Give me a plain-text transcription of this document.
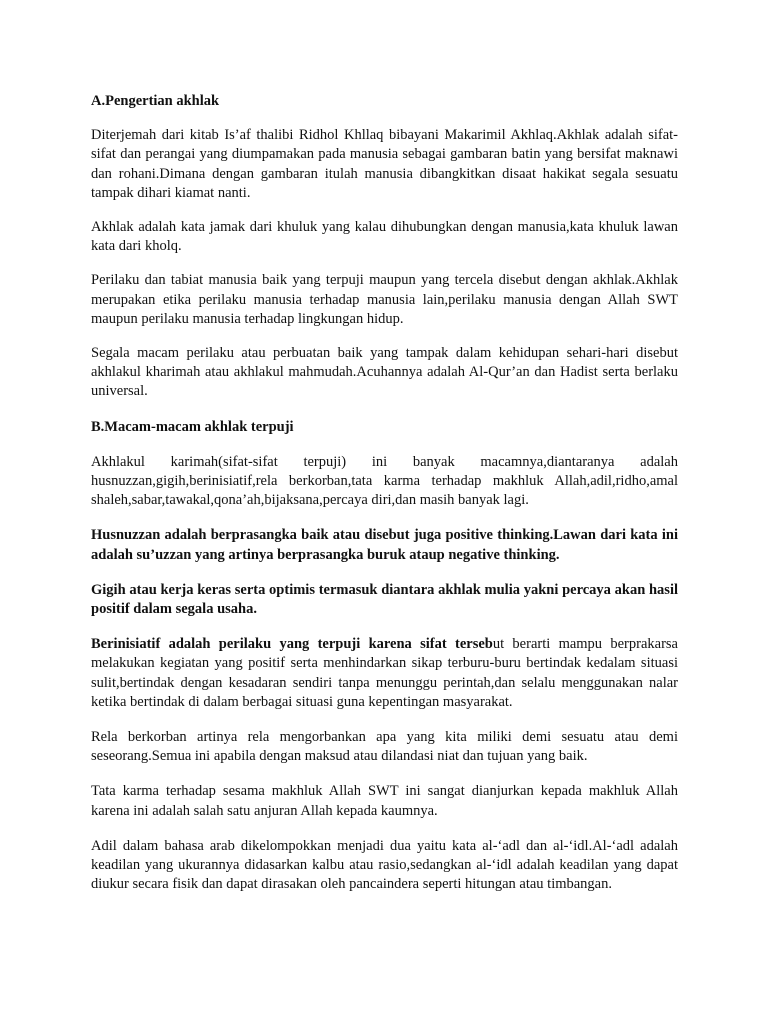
A.Pengertian akhlak

Diterjemah dari kitab Is’af thalibi Ridhol Khllaq bibayani Makarimil Akhlaq.Akhlak adalah sifat-sifat dan perangai yang diumpamakan pada manusia sebagai gambaran batin yang bersifat maknawi dan rohani.Dimana dengan gambaran itulah manusia dibangkitkan disaat hakikat segala sesuatu tampak dihari kiamat nanti.

Akhlak adalah kata jamak dari khuluk yang kalau dihubungkan dengan manusia,kata khuluk lawan kata dari kholq.

Perilaku dan tabiat manusia baik yang terpuji maupun yang tercela disebut dengan akhlak.Akhlak merupakan etika perilaku manusia terhadap manusia lain,perilaku manusia dengan Allah SWT maupun perilaku manusia terhadap lingkungan hidup.

Segala macam perilaku atau perbuatan baik yang tampak dalam kehidupan sehari-hari disebut akhlakul kharimah atau akhlakul mahmudah.Acuhannya adalah Al-Qur’an dan Hadist serta berlaku universal.

B.Macam-macam akhlak terpuji

Akhlakul karimah(sifat-sifat terpuji) ini banyak macamnya,diantaranya adalah husnuzzan,gigih,berinisiatif,rela berkorban,tata karma terhadap makhluk Allah,adil,ridho,amal shaleh,sabar,tawakal,qona’ah,bijaksana,percaya diri,dan masih banyak lagi.

Husnuzzan adalah berprasangka baik atau disebut juga positive thinking.Lawan dari kata ini adalah su’uzzan yang artinya berprasangka buruk ataup negative thinking.

Gigih atau kerja keras serta optimis termasuk diantara akhlak mulia yakni percaya akan hasil positif dalam segala usaha.

Berinisiatif adalah perilaku yang terpuji karena sifat tersebut berarti mampu berprakarsa melakukan kegiatan yang positif serta menhindarkan sikap terburu-buru bertindak kedalam situasi sulit,bertindak dengan kesadaran sendiri tanpa menunggu perintah,dan selalu menggunakan nalar ketika bertindak di dalam berbagai situasi guna kepentingan masyarakat.

Rela berkorban artinya rela mengorbankan apa yang kita miliki demi sesuatu atau demi seseorang.Semua ini apabila dengan maksud atau dilandasi niat dan tujuan yang baik.

Tata karma terhadap sesama makhluk Allah SWT ini sangat dianjurkan kepada makhluk Allah karena ini adalah salah satu anjuran Allah kepada kaumnya.

Adil dalam bahasa arab dikelompokkan menjadi dua yaitu kata al-‘adl dan al-‘idl.Al-‘adl adalah keadilan yang ukurannya didasarkan kalbu atau rasio,sedangkan al-‘idl adalah keadilan yang dapat diukur secara fisik dan dapat dirasakan oleh pancaindera seperti hitungan atau timbangan.
